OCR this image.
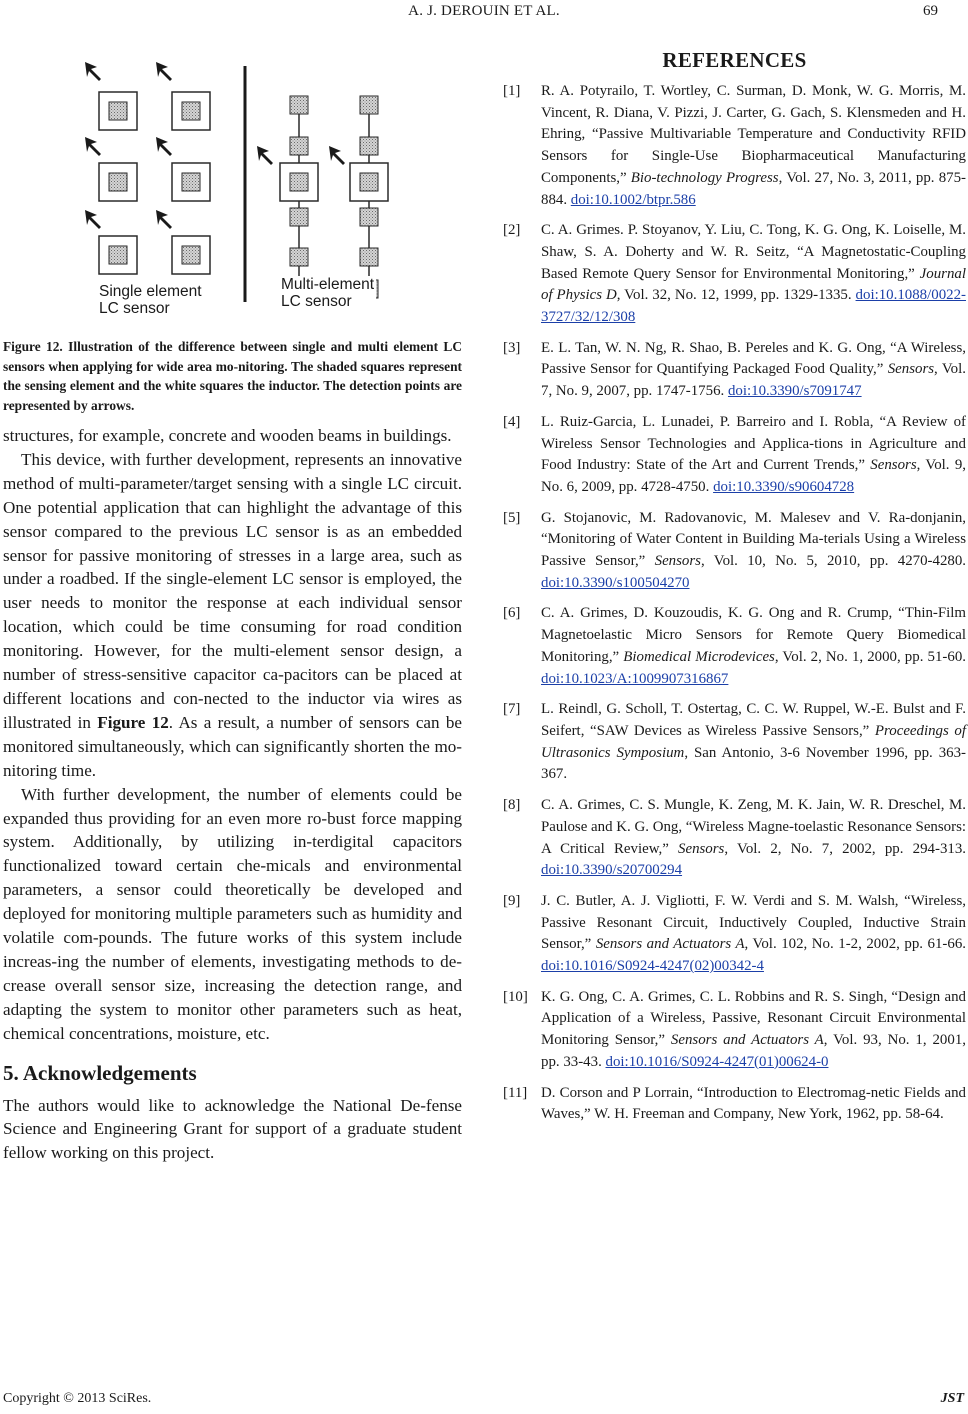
A. J. DEROUIN ET AL.	69
Single element
LC sensor
Multi-element
LC sensor
Figure 12. Illustration of the difference between single and multi element LC sensors when applying for wide area mo-nitoring. The shaded squares represent the sensing element and the white squares the inductor. The detection points are represented by arrows.

structures, for example, concrete and wooden beams in buildings.

This device, with further development, represents an innovative method of multi-parameter/target sensing with a single LC circuit. One potential application that can highlight the advantage of this sensor compared to the previous LC sensor is as an embedded sensor for passive monitoring of stresses in a large area, such as under a roadbed. If the single-element LC sensor is employed, the user needs to monitor the response at each individual sensor location, which could be time consuming for road condition monitoring. However, for the multi-element sensor design, a number of stress-sensitive capacitor ca-pacitors can be placed at different locations and con-nected to the inductor via wires as illustrated in Figure 12. As a result, a number of sensors can be monitored simultaneously, which can significantly shorten the mo-nitoring time.

With further development, the number of elements could be expanded thus providing for an even more ro-bust force mapping system. Additionally, by utilizing in-terdigital capacitors functionalized toward certain che-micals and environmental parameters, a sensor could theoretically be developed and deployed for monitoring multiple parameters such as humidity and volatile com-pounds. The future works of this system include increas-ing the number of elements, investigating methods to de-crease overall sensor size, increasing the detection range, and adapting the system to monitor other parameters such as heat, chemical concentrations, moisture, etc.

5. Acknowledgements

The authors would like to acknowledge the National De-fense Science and Engineering Grant for support of a graduate student fellow working on this project.

REFERENCES
[1] R. A. Potyrailo, T. Wortley, C. Surman, D. Monk, W. G. Morris, M. Vincent, R. Diana, V. Pizzi, J. Carter, G. Gach, S. Klensmeden and H. Ehring, “Passive Multivariable Temperature and Conductivity RFID Sensors for Single-Use Biopharmaceutical Manufacturing Components,” Bio-technology Progress, Vol. 27, No. 3, 2011, pp. 875-884. doi:10.1002/btpr.586
[2] C. A. Grimes. P. Stoyanov, Y. Liu, C. Tong, K. G. Ong, K. Loiselle, M. Shaw, S. A. Doherty and W. R. Seitz, “A Magnetostatic-Coupling Based Remote Query Sensor for Environmental Monitoring,” Journal of Physics D, Vol. 32, No. 12, 1999, pp. 1329-1335. doi:10.1088/0022-3727/32/12/308
[3] E. L. Tan, W. N. Ng, R. Shao, B. Pereles and K. G. Ong, “A Wireless, Passive Sensor for Quantifying Packaged Food Quality,” Sensors, Vol. 7, No. 9, 2007, pp. 1747-1756. doi:10.3390/s7091747
[4] L. Ruiz-Garcia, L. Lunadei, P. Barreiro and I. Robla, “A Review of Wireless Sensor Technologies and Applica-tions in Agriculture and Food Industry: State of the Art and Current Trends,” Sensors, Vol. 9, No. 6, 2009, pp. 4728-4750. doi:10.3390/s90604728
[5] G. Stojanovic, M. Radovanovic, M. Malesev and V. Ra-donjanin, “Monitoring of Water Content in Building Ma-terials Using a Wireless Passive Sensor,” Sensors, Vol. 10, No. 5, 2010, pp. 4270-4280. doi:10.3390/s100504270
[6] C. A. Grimes, D. Kouzoudis, K. G. Ong and R. Crump, “Thin-Film Magnetoelastic Micro Sensors for Remote Query Biomedical Monitoring,” Biomedical Microdevices, Vol. 2, No. 1, 2000, pp. 51-60. doi:10.1023/A:1009907316867
[7] L. Reindl, G. Scholl, T. Ostertag, C. C. W. Ruppel, W.-E. Bulst and F. Seifert, “SAW Devices as Wireless Passive Sensors,” Proceedings of Ultrasonics Symposium, San Antonio, 3-6 November 1996, pp. 363-367.
[8] C. A. Grimes, C. S. Mungle, K. Zeng, M. K. Jain, W. R. Dreschel, M. Paulose and K. G. Ong, “Wireless Magne-toelastic Resonance Sensors: A Critical Review,” Sensors, Vol. 2, No. 7, 2002, pp. 294-313. doi:10.3390/s20700294
[9] J. C. Butler, A. J. Vigliotti, F. W. Verdi and S. M. Walsh, “Wireless, Passive Resonant Circuit, Inductively Coupled, Inductive Strain Sensor,” Sensors and Actuators A, Vol. 102, No. 1-2, 2002, pp. 61-66. doi:10.1016/S0924-4247(02)00342-4
[10] K. G. Ong, C. A. Grimes, C. L. Robbins and R. S. Singh, “Design and Application of a Wireless, Passive, Resonant Circuit Environmental Monitoring Sensor,” Sensors and Actuators A, Vol. 93, No. 1, 2001, pp. 33-43. doi:10.1016/S0924-4247(01)00624-0
[11] D. Corson and P Lorrain, “Introduction to Electromag-netic Fields and Waves,” W. H. Freeman and Company, New York, 1962, pp. 58-64.
Copyright © 2013 SciRes.	JST
